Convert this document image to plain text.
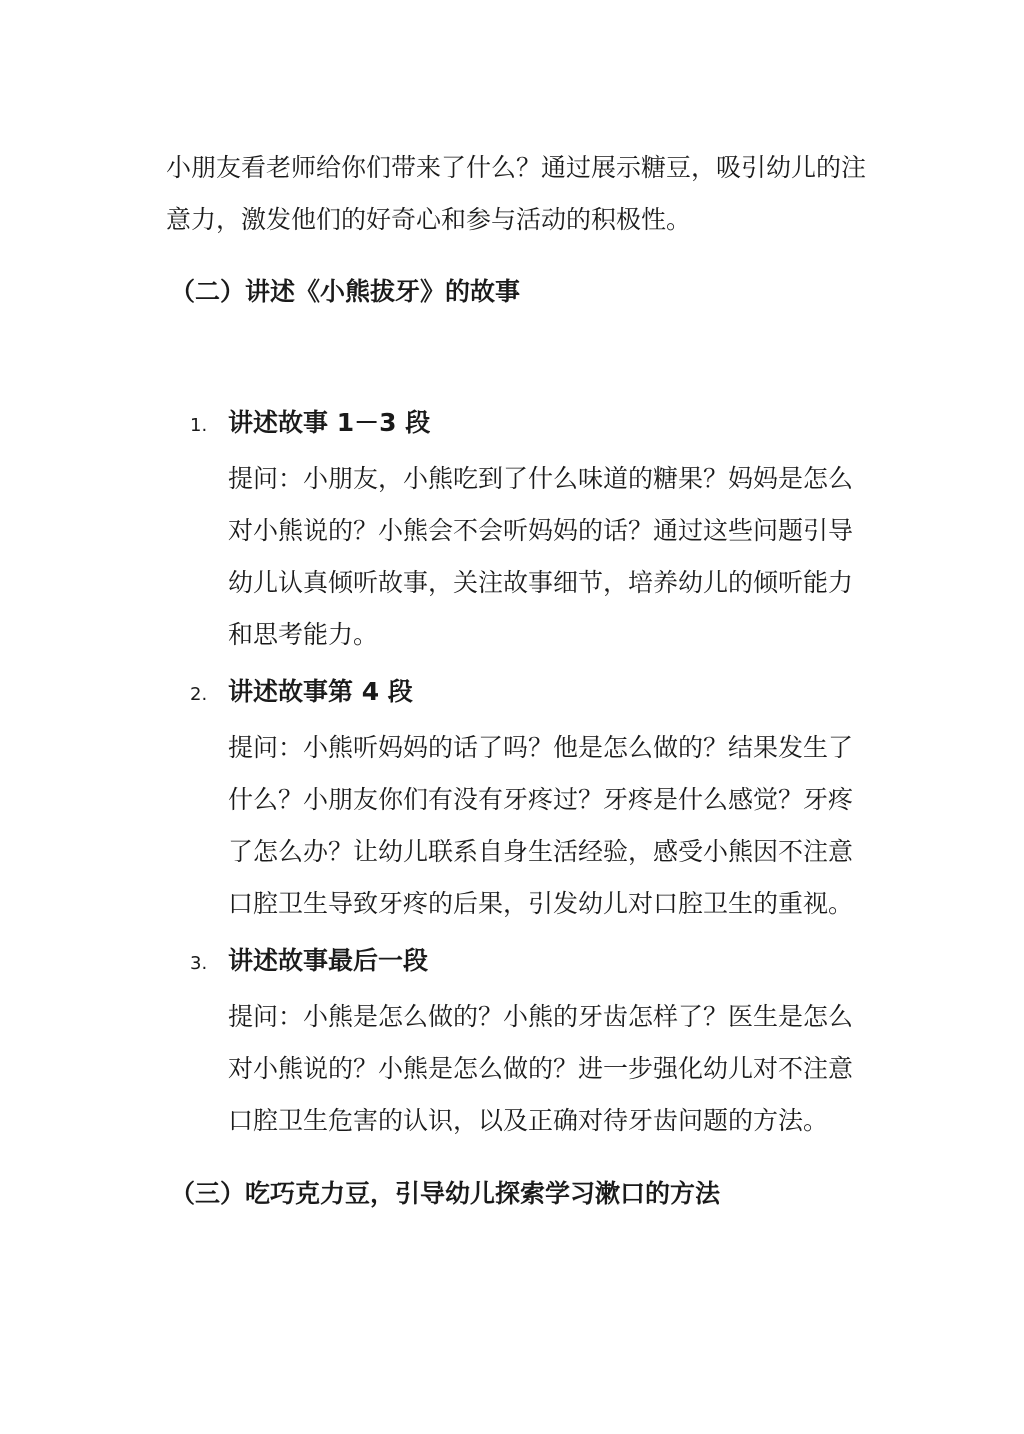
小朋友看老师给你们带来了什么？通过展示糖豆，吸引幼儿的注意力，激发他们的好奇心和参与活动的积极性。

（二）讲述《小熊拔牙》的故事
1. 讲述故事 1－3 段

提问：小朋友，小熊吃到了什么味道的糖果？妈妈是怎么对小熊说的？小熊会不会听妈妈的话？通过这些问题引导幼儿认真倾听故事，关注故事细节，培养幼儿的倾听能力和思考能力。

2. 讲述故事第 4 段

提问：小熊听妈妈的话了吗？他是怎么做的？结果发生了什么？小朋友你们有没有牙疼过？牙疼是什么感觉？牙疼了怎么办？让幼儿联系自身生活经验，感受小熊因不注意口腔卫生导致牙疼的后果，引发幼儿对口腔卫生的重视。

3. 讲述故事最后一段

提问：小熊是怎么做的？小熊的牙齿怎样了？医生是怎么对小熊说的？小熊是怎么做的？进一步强化幼儿对不注意口腔卫生危害的认识，以及正确对待牙齿问题的方法。

（三）吃巧克力豆，引导幼儿探索学习漱口的方法
